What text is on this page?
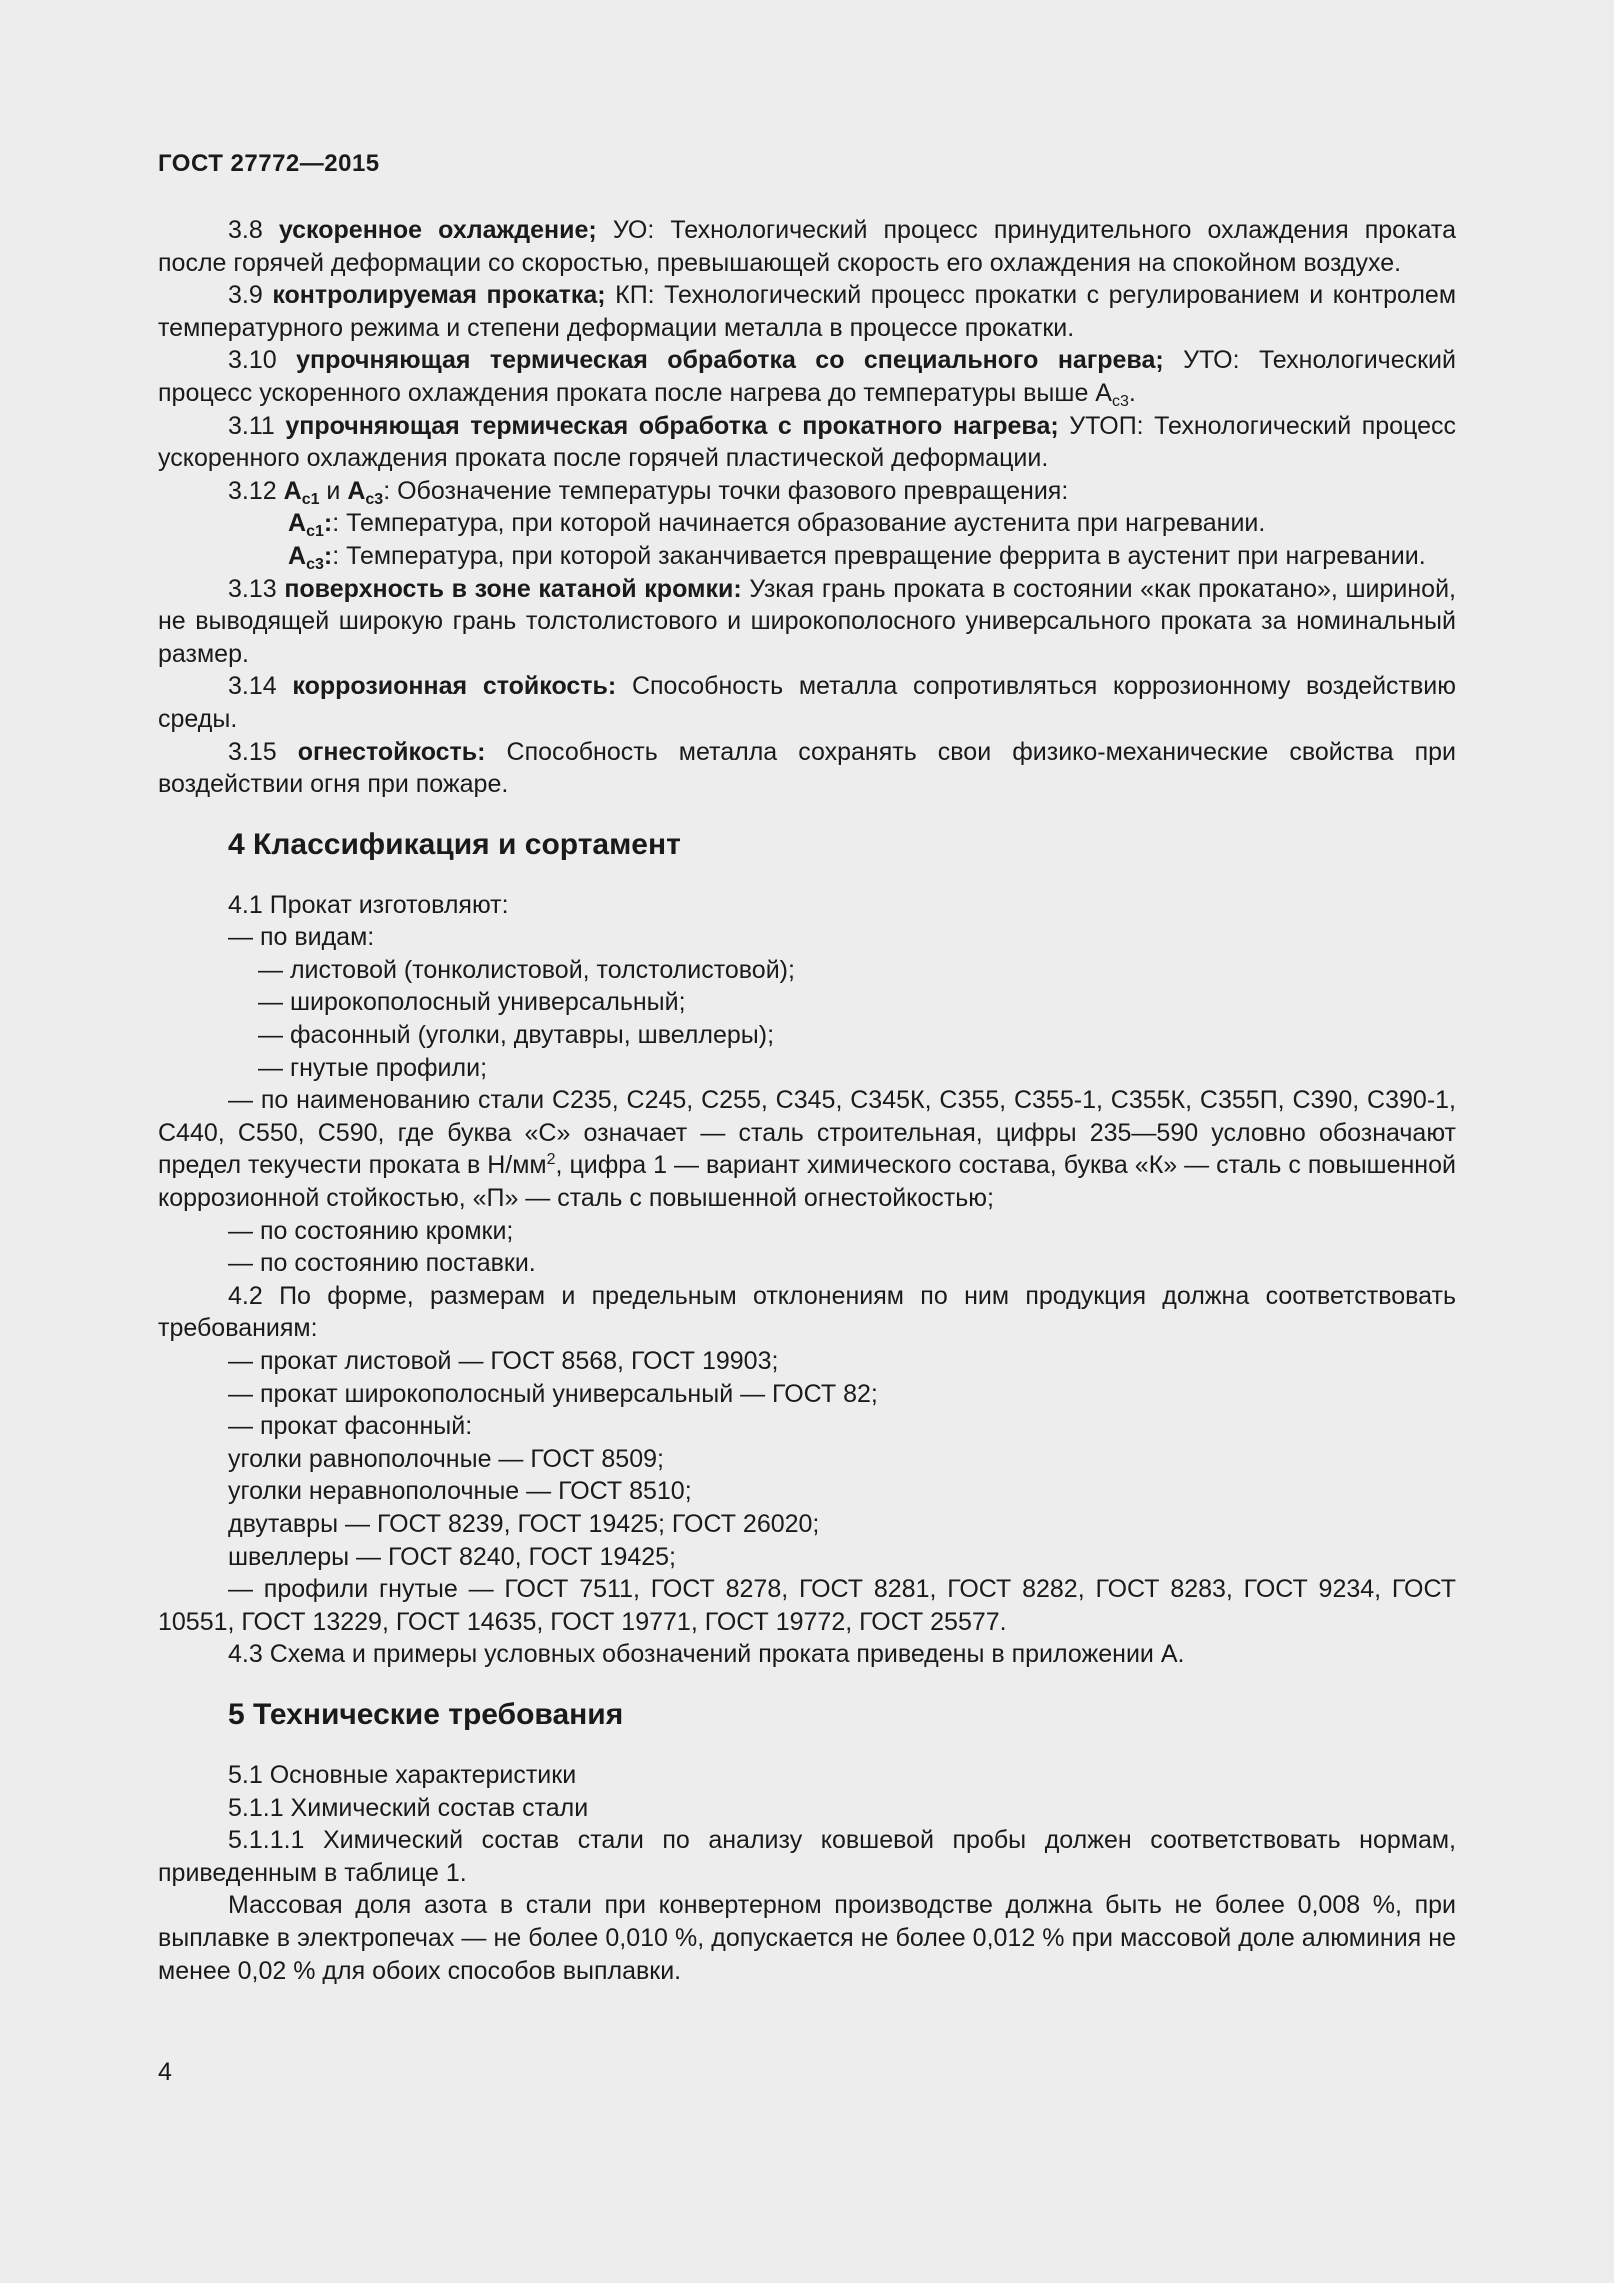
ГОСТ 27772—2015

3.8 ускоренное охлаждение; УО: Технологический процесс принудительного охлаждения проката после горячей деформации со скоростью, превышающей скорость его охлаждения на спокойном воздухе.

3.9 контролируемая прокатка; КП: Технологический процесс прокатки с регулированием и контролем температурного режима и степени деформации металла в процессе прокатки.

3.10 упрочняющая термическая обработка со специального нагрева; УТО: Технологический процесс ускоренного охлаждения проката после нагрева до температуры выше $A_{c3}$.

3.11 упрочняющая термическая обработка с прокатного нагрева; УТОП: Технологический процесс ускоренного охлаждения проката после горячей пластической деформации.

3.12 $A_{c1}$ и $A_{c3}$: Обозначение температуры точки фазового превращения:

$A_{c1}$:: Температура, при которой начинается образование аустенита при нагревании.

$A_{c3}$:: Температура, при которой заканчивается превращение феррита в аустенит при нагревании.

3.13 поверхность в зоне катаной кромки: Узкая грань проката в состоянии «как прокатано», шириной, не выводящей широкую грань толстолистового и широкополосного универсального проката за номинальный размер.

3.14 коррозионная стойкость: Способность металла сопротивляться коррозионному воздействию среды.

3.15 огнестойкость: Способность металла сохранять свои физико-механические свойства при воздействии огня при пожаре.

4 Классификация и сортамент

4.1 Прокат изготовляют:

— по видам:

— листовой (тонколистовой, толстолистовой);

— широкополосный универсальный;

— фасонный (уголки, двутавры, швеллеры);

— гнутые профили;

— по наименованию стали С235, С245, С255, С345, С345К, С355, С355-1, С355К, С355П, С390, С390-1, С440, С550, С590, где буква «С» означает — сталь строительная, цифры 235—590 условно обозначают предел текучести проката в $Н/мм^2$, цифра 1 — вариант химического состава, буква «К» — сталь с повышенной коррозионной стойкостью, «П» — сталь с повышенной огнестойкостью;

— по состоянию кромки;

— по состоянию поставки.

4.2 По форме, размерам и предельным отклонениям по ним продукция должна соответствовать требованиям:

— прокат листовой — ГОСТ 8568, ГОСТ 19903;

— прокат широкополосный универсальный — ГОСТ 82;

— прокат фасонный:

уголки равнополочные — ГОСТ 8509;

уголки неравнополочные — ГОСТ 8510;

двутавры — ГОСТ 8239, ГОСТ 19425; ГОСТ 26020;

швеллеры — ГОСТ 8240, ГОСТ 19425;

— профили гнутые — ГОСТ 7511, ГОСТ 8278, ГОСТ 8281, ГОСТ 8282, ГОСТ 8283, ГОСТ 9234, ГОСТ 10551, ГОСТ 13229, ГОСТ 14635, ГОСТ 19771, ГОСТ 19772, ГОСТ 25577.

4.3 Схема и примеры условных обозначений проката приведены в приложении А.

5 Технические требования

5.1 Основные характеристики

5.1.1 Химический состав стали

5.1.1.1 Химический состав стали по анализу ковшевой пробы должен соответствовать нормам, приведенным в таблице 1.

Массовая доля азота в стали при конвертерном производстве должна быть не более 0,008 %, при выплавке в электропечах — не более 0,010 %, допускается не более 0,012 % при массовой доле алюминия не менее 0,02 % для обоих способов выплавки.

4
